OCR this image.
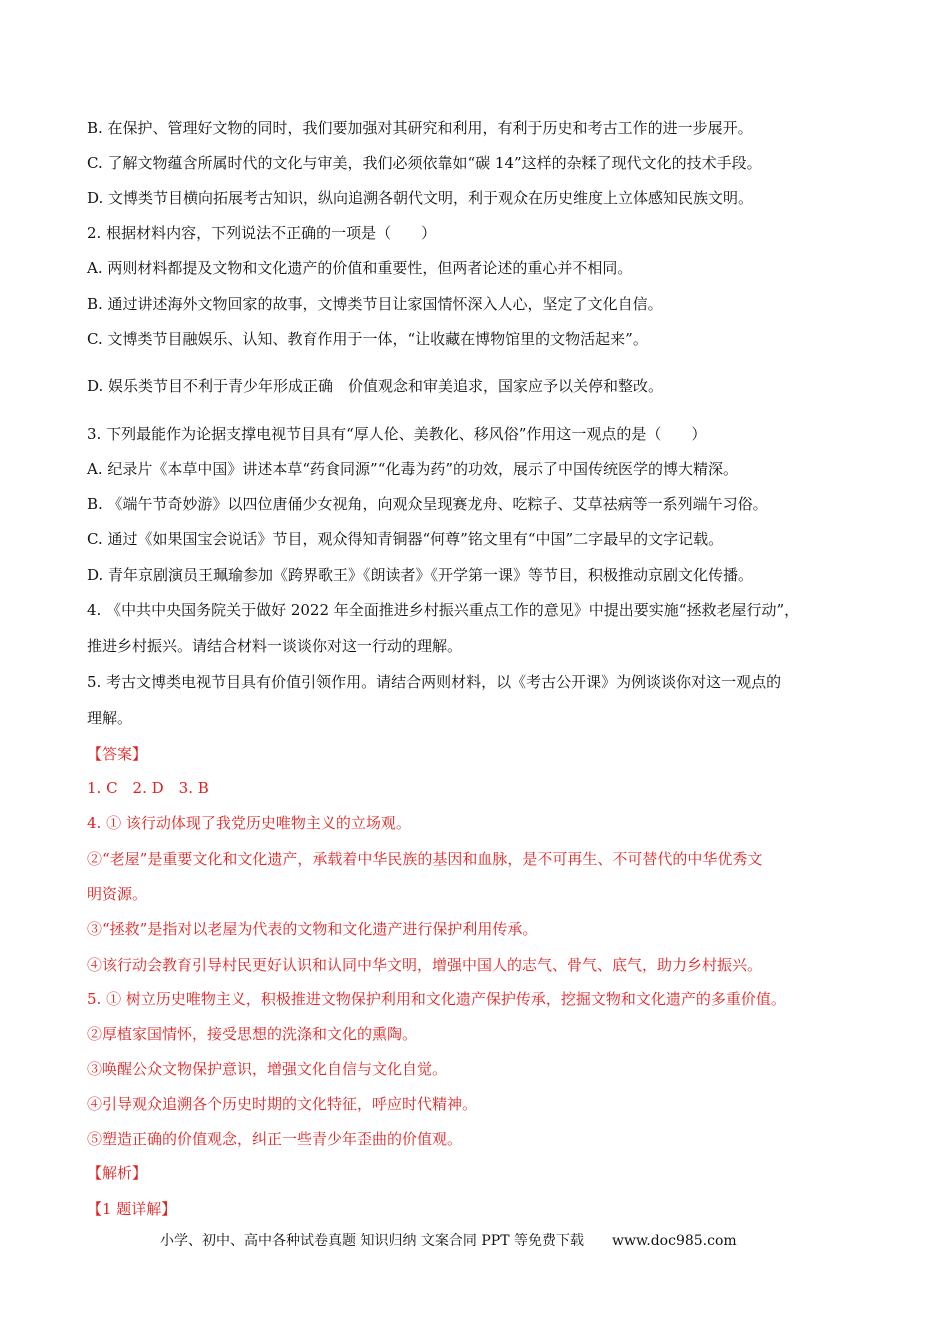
B. 在保护、管理好文物的同时，我们要加强对其研究和利用，有利于历史和考古工作的进一步展开。
C. 了解文物蕴含所属时代的文化与审美，我们必须依靠如“碳 14”这样的杂糅了现代文化的技术手段。
D. 文博类节目横向拓展考古知识，纵向追溯各朝代文明，利于观众在历史维度上立体感知民族文明。
2. 根据材料内容，下列说法不正确的一项是（　　）
A. 两则材料都提及文物和文化遗产的价值和重要性，但两者论述的重心并不相同。
B. 通过讲述海外文物回家的故事，文博类节目让家国情怀深入人心，坚定了文化自信。
C. 文博类节目融娱乐、认知、教育作用于一体，“让收藏在博物馆里的文物活起来”。
D. 娱乐类节目不利于青少年形成正确　价值观念和审美追求，国家应予以关停和整改。
3. 下列最能作为论据支撑电视节目具有“厚人伦、美教化、移风俗”作用这一观点的是（　　）
A. 纪录片《本草中国》讲述本草“药食同源”“化毒为药”的功效，展示了中国传统医学的博大精深。
B. 《端午节奇妙游》以四位唐俑少女视角，向观众呈现赛龙舟、吃粽子、艾草祛病等一系列端午习俗。
C. 通过《如果国宝会说话》节目，观众得知青铜器“何尊”铭文里有“中国”二字最早的文字记载。
D. 青年京剧演员王珮瑜参加《跨界歌王》《朗读者》《开学第一课》等节目，积极推动京剧文化传播。
4. 《中共中央国务院关于做好 2022 年全面推进乡村振兴重点工作的意见》中提出要实施“拯救老屋行动”，
推进乡村振兴。请结合材料一谈谈你对这一行动的理解。
5. 考古文博类电视节目具有价值引领作用。请结合两则材料，以《考古公开课》为例谈谈你对这一观点的
理解。
【答案】
1. C　2. D　3. B
4. ① 该行动体现了我党历史唯物主义的立场观。
②“老屋”是重要文化和文化遗产，承载着中华民族的基因和血脉，是不可再生、不可替代的中华优秀文
明资源。
③“拯救”是指对以老屋为代表的文物和文化遗产进行保护利用传承。
④该行动会教育引导村民更好认识和认同中华文明，增强中国人的志气、骨气、底气，助力乡村振兴。
5. ① 树立历史唯物主义，积极推进文物保护利用和文化遗产保护传承，挖掘文物和文化遗产的多重价值。
②厚植家国情怀，接受思想的洗涤和文化的熏陶。
③唤醒公众文物保护意识，增强文化自信与文化自觉。
④引导观众追溯各个历史时期的文化特征，呼应时代精神。
⑤塑造正确的价值观念，纠正一些青少年歪曲的价值观。
【解析】
【1 题详解】
小学、初中、高中各种试卷真题 知识归纳 文案合同 PPT 等免费下载　　www.doc985.com
